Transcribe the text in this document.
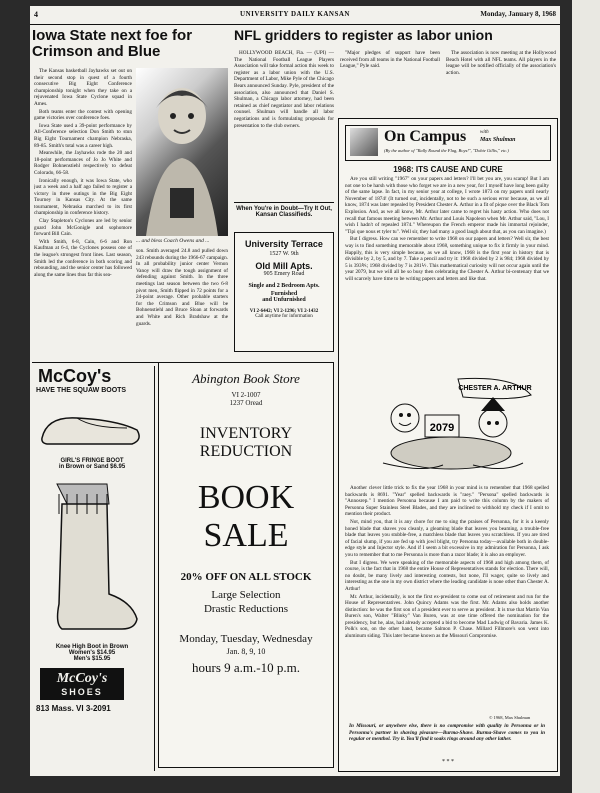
4	UNIVERSITY DAILY KANSAN	Monday, January 8, 1968
Iowa State next foe for Crimson and Blue

The Kansas basketball Jayhawks set out on their second stop in quest of a fourth consecutive Big Eight Conference championship tonight when they take on a rejuvenated Iowa State Cyclone squad in Ames.

Both teams enter the contest with opening game victories over conference foes.

Iowa State used a 39-point performance by All-Conference selection Don Smith to stun Big Eight Tournament champion Nebraska, 89-85. Smith's total was a career high.

Meanwhile, the Jayhawks rode the 20 and 18-point performances of Jo Jo White and Rodger Bohnenstiehl respectively to defeat Colorado, 66-58.

Ironically enough, it was Iowa State, who just a week and a half ago failed to register a victory in three outings in the Big Eight Tourney in Kansas City. At the same tournament, Nebraska marched to its first championship in conference history.

Clay Stapleton's Cyclones are led by senior guard John McGonigle and sophomore forward Bill Cain.

With Smith, 6-8, Cain, 6-6 and Ron Kaufman at 6-4, the Cyclones possess one of the league's strongest front lines. Last season, Smith led the conference in both scoring and rebounding, and the senior center has followed along the same lines thus far this sea-

... and bless Coach Owens and ...

son. Smith averaged 24.8 and pulled down 243 rebounds during the 1966-67 campaign. In all probability junior center Vernon Vanoy will draw the tough assignment of defending against Smith. In the three meetings last season between the two 6-8 pivot men, Smith flipped in 72 points for a 24-point average. Other probable starters for the Crimson and Blue will be Bohnenstiehl and Bruce Sloan at forwards and White and Rich Bradshaw at the guards.

NFL gridders to register as labor union

HOLLYWOOD BEACH, Fla. — (UPI) — The National Football League Players Association will take formal action this week to register as a labor union with the U.S. Department of Labor, Mike Pyle of the Chicago Bears announced Sunday. Pyle, president of the association, also announced that Daniel S. Shulman, a Chicago labor attorney, had been retained as chief negotiator and labor relations counsel. Shulman will handle all labor negotiations and is formulating proposals for presentation to the club owners.

"Major pledges of support have been received from all teams in the National Football League," Pyle said.

The association is now meeting at the Hollywood Beach Hotel with all NFL teams. All players in the league will be notified officially of the association's action.

When You're in Doubt—Try It Out, Kansan Classifieds.
University Terrace
1527 W. 9th
Old Mill Apts.
905 Emery Road
Single and 2 Bedroom Apts.
Furnished
and Unfurnished
VI 2-6442; VI 2-1296; VI 2-1432
Call anytime for information
McCoy's
HAVE THE SQUAW BOOTS
GIRL'S FRINGE BOOT
in Brown or Sand $6.95
Knee High Boot in Brown
Women's $14.95
Men's $15.95
McCoy's
SHOES
813 Mass. VI 3-2091
Abington Book Store
VI 2-1007
1237 Oread
INVENTORY
REDUCTION
BOOK
SALE
20% OFF ON ALL STOCK
Large Selection
Drastic Reductions
Monday, Tuesday, Wednesday
Jan. 8, 9, 10
hours 9 a.m.-10 p.m.
On Campus	with
Max Shulman
(By the author of "Rally Round the Flag, Boys!", "Dobie Gillis," etc.)
1968: ITS CAUSE AND CURE

Are you still writing "1967" on your papers and letters? I'll bet you are, you scamp! But I am not one to be harsh with those who forget we are in a new year, for I myself have long been guilty of the same lapse. In fact, in my senior year at college, I wrote 1873 on my papers until nearly November of 1874! (It turned out, incidentally, not to be such a serious error because, as we all know, 1874 was later repealed by President Chester A. Arthur in a fit of pique over the Black Tom Explosion. And, as we all know, Mr. Arthur later came to regret his hasty action. Who does not recall that famous meeting between Mr. Arthur and Louis Napoleon when Mr. Arthur said, "Lou, I wish I hadn't of repealed 1874." Whereupon the French emperor made his immortal rejoinder, "Tipi que nous et tyler tu". Well sir, they had many a good laugh about that, as you can imagine.)

But I digress. How can we remember to write 1968 on our papers and letters? Well sir, the best way is to find something memorable about 1968, something unique to fix it firmly in your mind. Happily, this is very simple because, as we all know, 1968 is the first year in history that is divisible by 2, by 5, and by 7. Take a pencil and try it: 1968 divided by 2 is 984; 1968 divided by 5 is 393⅗; 1968 divided by 7 is 281⅐. This mathematical curiosity will not occur again until the year 2079, but we will all be so busy then celebrating the Chester A. Arthur bi-centenary that we will scarcely have time to be writing papers and letters and like that.

CHESTER A. ARTHUR
2079

Another clever little trick to fix the year 1968 in your mind is to remember that 1968 spelled backwards is 8691. "Year" spelled backwards is "raey." "Persona" spelled backwards is "Annosrep." I mention Personna because I am paid to write this column by the makers of Personna Super Stainless Steel Blades, and they are inclined to withhold my check if I omit to mention their product.

Not, mind you, that it is any chore for me to sing the praises of Personna, for it is a keenly honed blade that shaves you cleanly, a gleaming blade that leaves you beaming, a trouble-free blade that leaves you stubble-free, a matchless blade that leaves you scratchless. If you are tired of facial slump, if you are fed up with jowl blight, try Personna today—available both in double-edge style and Injector style. And if I seem a bit excessive in my admiration for Personna, I ask you to remember that to me Personna is more than a razor blade; it is also an employer.

But I digress. We were speaking of the memorable aspects of 1968 and high among them, of course, is the fact that in 1968 the entire House of Representatives stands for election. There will, no doubt, be many lively and interesting contests, but none, I'll wager, quite so lively and interesting as the one in my own district where the leading candidate is none other than Chester A. Arthur!

Mr. Arthur, incidentally, is not the first ex-president to come out of retirement and run for the House of Representatives. John Quincy Adams was the first. Mr. Adams also holds another distinction: he was the first son of a president ever to serve as president. It is true that Martin Van Buren's son, Walter "Blinky" Van Buren, was at one time offered the nomination for the presidency, but he, alas, had already accepted a bid to become Mad Ludwig of Bavaria. James K. Polk's son, on the other hand, became Salmon P. Chase. Millard Fillmore's son went into aluminum siding. This later became known as the Missouri Compromise.

© 1968, Max Shulman

In Missouri, or anywhere else, there is no compromise with quality in Personna or in Personna's partner in shaving pleasure—Burma-Shave. Burma-Shave comes to you in regular or menthol. Try it. You'll find it soaks rings around any other lather.

* * *
